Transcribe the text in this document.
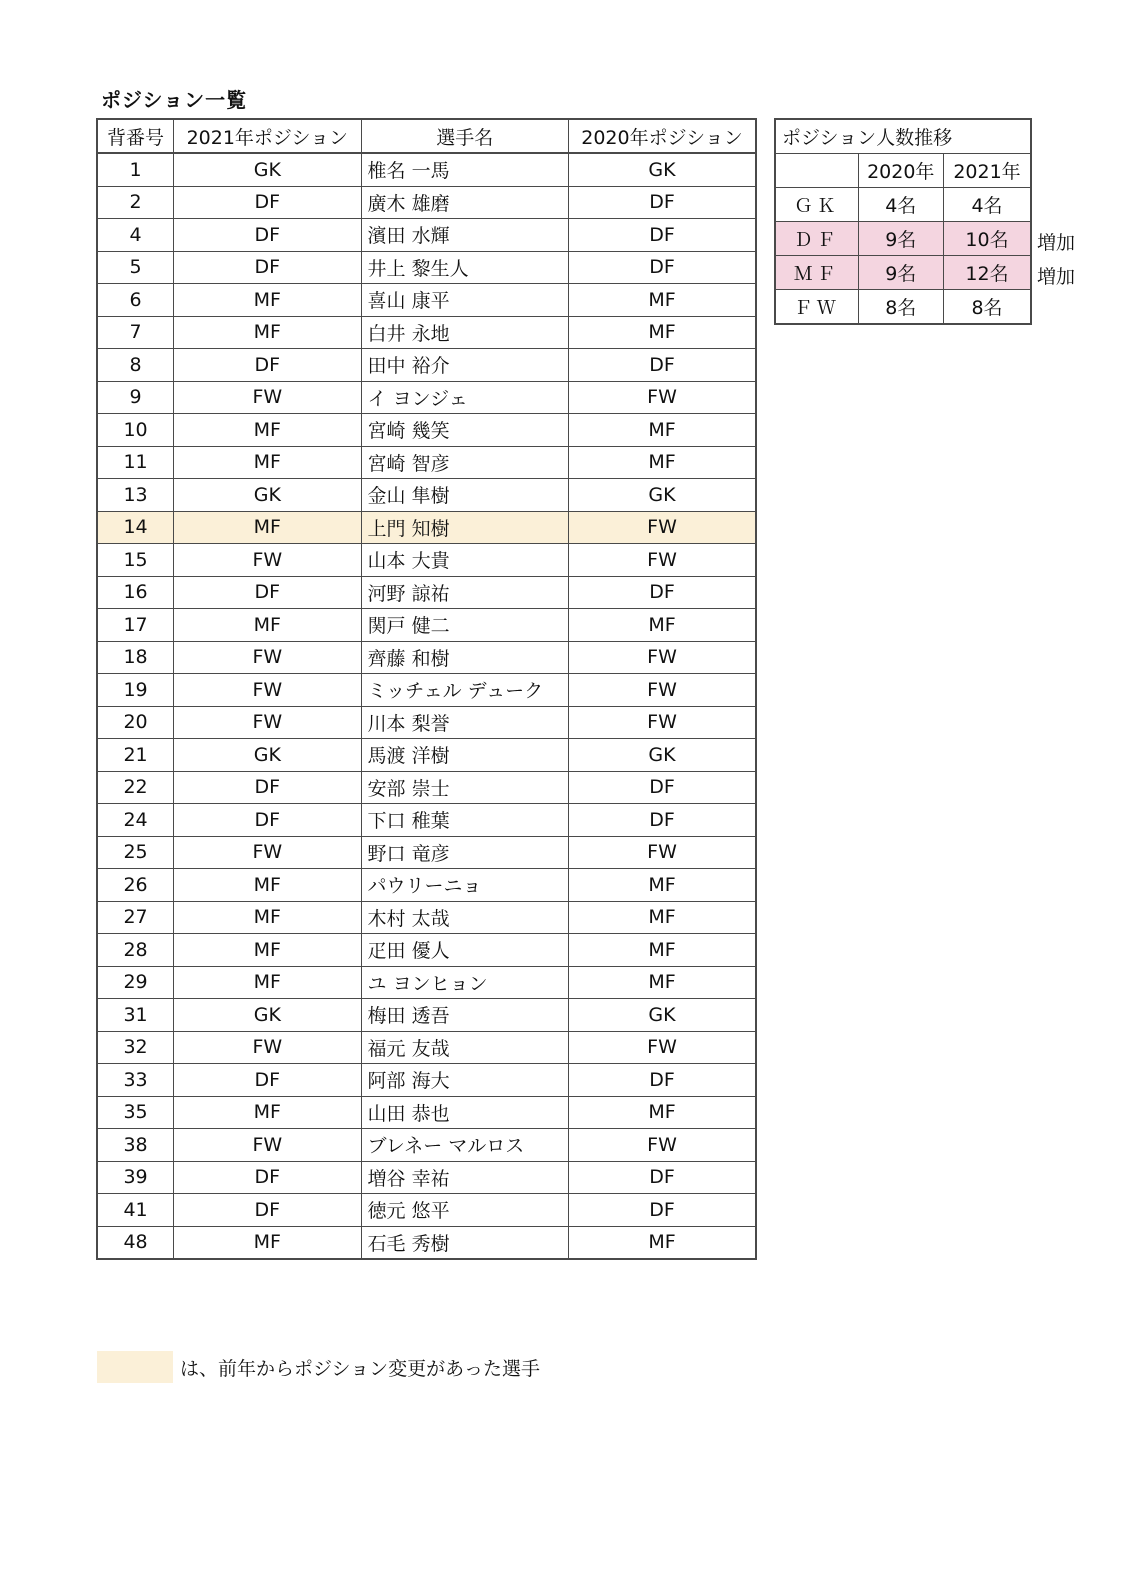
ポジション一覧
背番号	2021年ポジション	選手名	2020年ポジション
1	GK	椎名 一馬	GK
2	DF	廣木 雄磨	DF
4	DF	濱田 水輝	DF
5	DF	井上 黎生人	DF
6	MF	喜山 康平	MF
7	MF	白井 永地	MF
8	DF	田中 裕介	DF
9	FW	イ ヨンジェ	FW
10	MF	宮崎 幾笑	MF
11	MF	宮崎 智彦	MF
13	GK	金山 隼樹	GK
14	MF	上門 知樹	FW
15	FW	山本 大貴	FW
16	DF	河野 諒祐	DF
17	MF	関戸 健二	MF
18	FW	齊藤 和樹	FW
19	FW	ミッチェル デューク	FW
20	FW	川本 梨誉	FW
21	GK	馬渡 洋樹	GK
22	DF	安部 崇士	DF
24	DF	下口 稚葉	DF
25	FW	野口 竜彦	FW
26	MF	パウリーニョ	MF
27	MF	木村 太哉	MF
28	MF	疋田 優人	MF
29	MF	ユ ヨンヒョン	MF
31	GK	梅田 透吾	GK
32	FW	福元 友哉	FW
33	DF	阿部 海大	DF
35	MF	山田 恭也	MF
38	FW	ブレネー マルロス	FW
39	DF	増谷 幸祐	DF
41	DF	徳元 悠平	DF
48	MF	石毛 秀樹	MF
ポジション人数推移		
	2020年	2021年
ＧＫ	4名	4名
ＤＦ	9名	10名
ＭＦ	9名	12名
ＦＷ	8名	8名
増加
増加
は、前年からポジション変更があった選手
